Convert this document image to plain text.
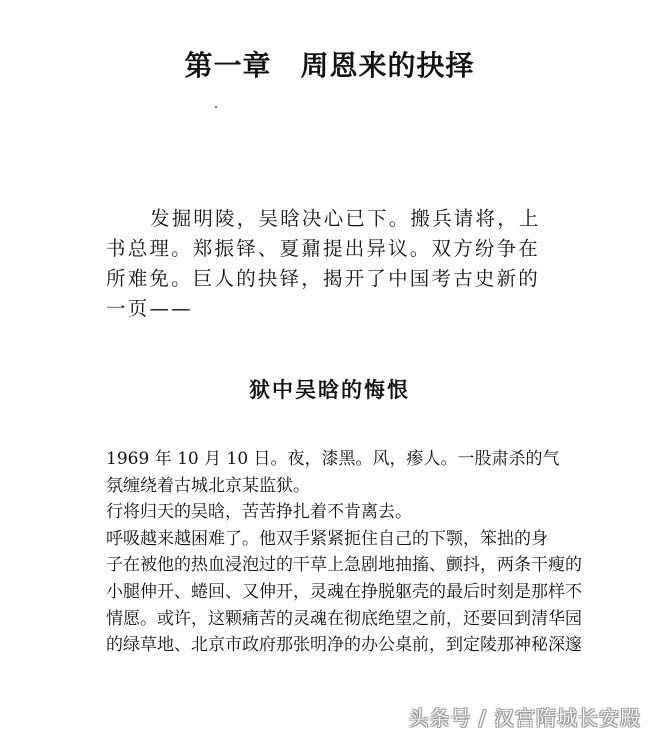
第一章　周恩来的抉择
发掘明陵，吴晗决心已下。搬兵请将，上
书总理。郑振铎、夏鼐提出异议。双方纷争在
所难免。巨人的抉铎，揭开了中国考古史新的
一页——
狱中吴晗的悔恨
1969 年 10 月 10 日。夜，漆黑。风，瘆人。一股肃杀的气
氛缠绕着古城北京某监狱。
行将归天的吴晗，苦苦挣扎着不肯离去。
呼吸越来越困难了。他双手紧紧扼住自己的下颚，笨拙的身
子在被他的热血浸泡过的干草上急剧地抽搐、颤抖，两条干瘦的
小腿伸开、蜷回、又伸开，灵魂在挣脱躯壳的最后时刻是那样不
情愿。或许，这颗痛苦的灵魂在彻底绝望之前，还要回到清华园
的绿草地、北京市政府那张明净的办公桌前，到定陵那神秘深邃
头条号 / 汉宫隋城长安殿
